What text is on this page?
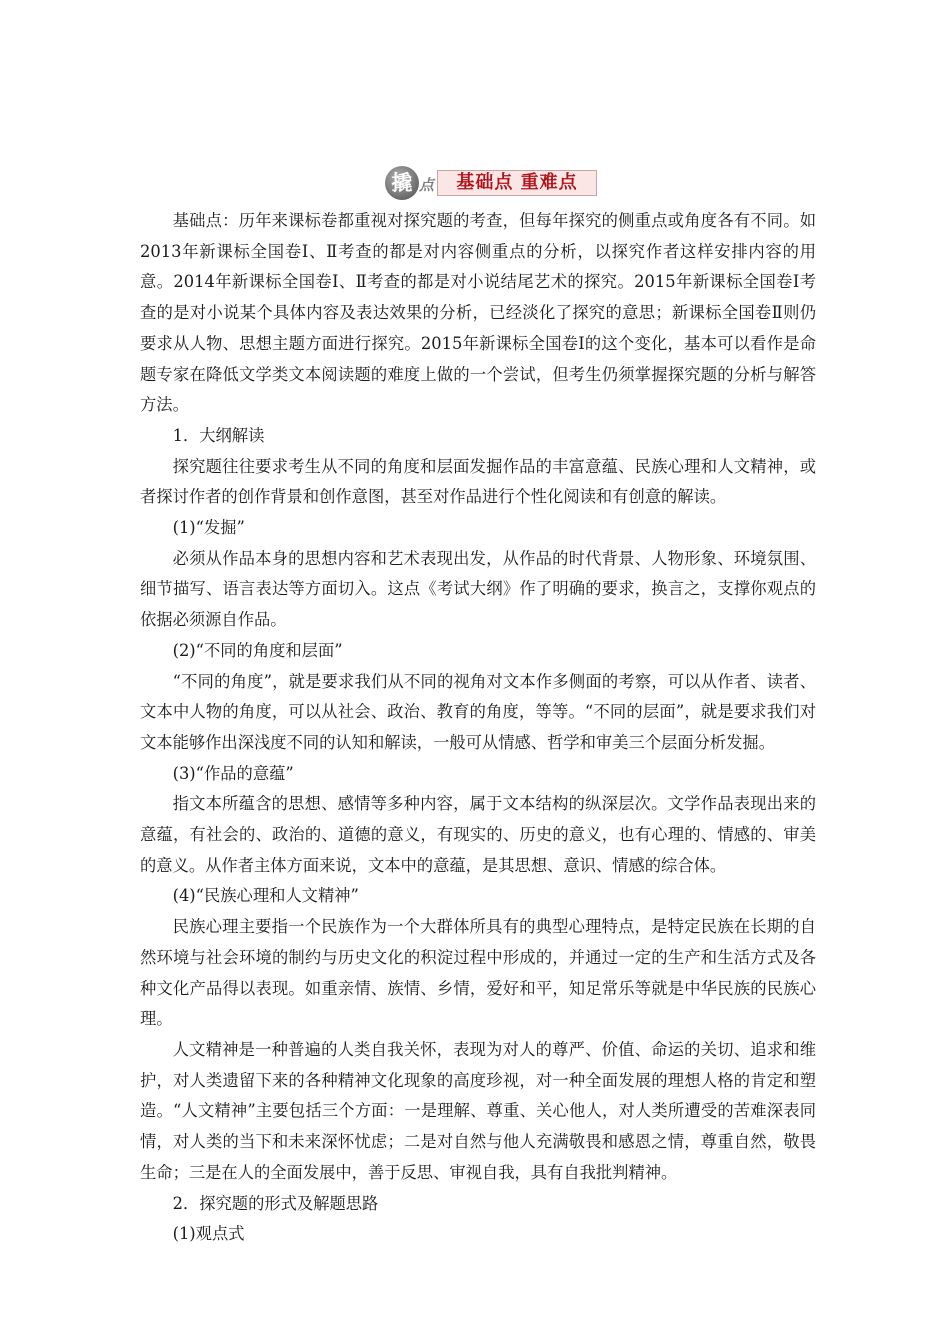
撬 点	基础点 重难点

基础点：历年来课标卷都重视对探究题的考查，但每年探究的侧重点或角度各有不同。如2013年新课标全国卷Ⅰ、Ⅱ考查的都是对内容侧重点的分析，以探究作者这样安排内容的用意。2014年新课标全国卷Ⅰ、Ⅱ考查的都是对小说结尾艺术的探究。2015年新课标全国卷Ⅰ考查的是对小说某个具体内容及表达效果的分析，已经淡化了探究的意思；新课标全国卷Ⅱ则仍要求从人物、思想主题方面进行探究。2015年新课标全国卷Ⅰ的这个变化，基本可以看作是命题专家在降低文学类文本阅读题的难度上做的一个尝试，但考生仍须掌握探究题的分析与解答方法。

1．大纲解读

探究题往往要求考生从不同的角度和层面发掘作品的丰富意蕴、民族心理和人文精神，或者探讨作者的创作背景和创作意图，甚至对作品进行个性化阅读和有创意的解读。

(1)“发掘”

必须从作品本身的思想内容和艺术表现出发，从作品的时代背景、人物形象、环境氛围、细节描写、语言表达等方面切入。这点《考试大纲》作了明确的要求，换言之，支撑你观点的依据必须源自作品。

(2)“不同的角度和层面”

“不同的角度”，就是要求我们从不同的视角对文本作多侧面的考察，可以从作者、读者、文本中人物的角度，可以从社会、政治、教育的角度，等等。“不同的层面”，就是要求我们对文本能够作出深浅度不同的认知和解读，一般可从情感、哲学和审美三个层面分析发掘。

(3)“作品的意蕴”

指文本所蕴含的思想、感情等多种内容，属于文本结构的纵深层次。文学作品表现出来的意蕴，有社会的、政治的、道德的意义，有现实的、历史的意义，也有心理的、情感的、审美的意义。从作者主体方面来说，文本中的意蕴，是其思想、意识、情感的综合体。

(4)“民族心理和人文精神”

民族心理主要指一个民族作为一个大群体所具有的典型心理特点，是特定民族在长期的自然环境与社会环境的制约与历史文化的积淀过程中形成的，并通过一定的生产和生活方式及各种文化产品得以表现。如重亲情、族情、乡情，爱好和平，知足常乐等就是中华民族的民族心理。

人文精神是一种普遍的人类自我关怀，表现为对人的尊严、价值、命运的关切、追求和维护，对人类遗留下来的各种精神文化现象的高度珍视，对一种全面发展的理想人格的肯定和塑造。“人文精神”主要包括三个方面：一是理解、尊重、关心他人，对人类所遭受的苦难深表同情，对人类的当下和未来深怀忧虑；二是对自然与他人充满敬畏和感恩之情，尊重自然，敬畏生命；三是在人的全面发展中，善于反思、审视自我，具有自我批判精神。

2．探究题的形式及解题思路

(1)观点式
